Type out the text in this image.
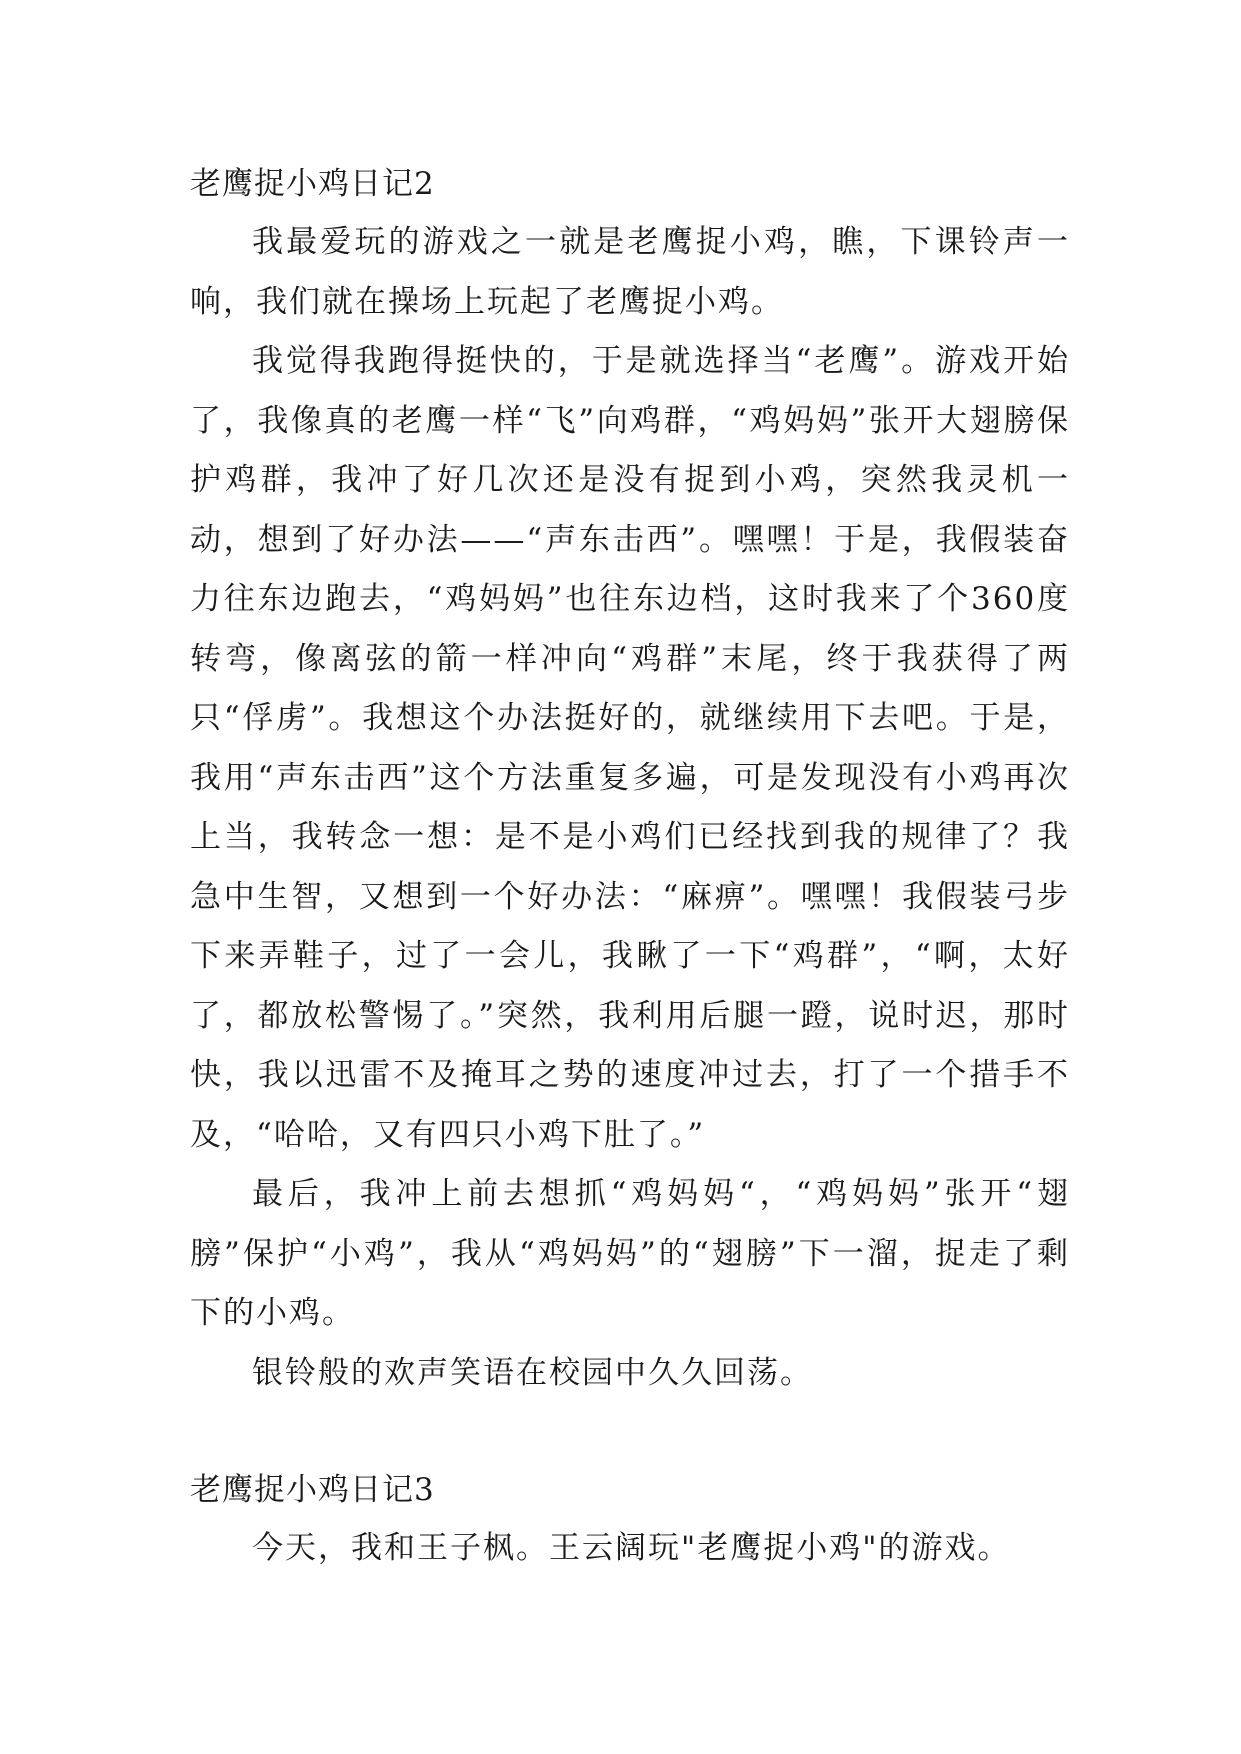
老鹰捉小鸡日记2

我最爱玩的游戏之一就是老鹰捉小鸡，瞧，下课铃声一响，我们就在操场上玩起了老鹰捉小鸡。

我觉得我跑得挺快的，于是就选择当“老鹰”。游戏开始了，我像真的老鹰一样“飞”向鸡群，“鸡妈妈”张开大翅膀保护鸡群，我冲了好几次还是没有捉到小鸡，突然我灵机一动，想到了好办法——“声东击西”。嘿嘿！于是，我假装奋力往东边跑去，“鸡妈妈”也往东边档，这时我来了个360度转弯，像离弦的箭一样冲向“鸡群”末尾，终于我获得了两只“俘虏”。我想这个办法挺好的，就继续用下去吧。于是，我用“声东击西”这个方法重复多遍，可是发现没有小鸡再次上当，我转念一想：是不是小鸡们已经找到我的规律了？我急中生智，又想到一个好办法：“麻痹”。嘿嘿！我假装弓步下来弄鞋子，过了一会儿，我瞅了一下“鸡群”，“啊，太好了，都放松警惕了。”突然，我利用后腿一蹬，说时迟，那时快，我以迅雷不及掩耳之势的速度冲过去，打了一个措手不及，“哈哈，又有四只小鸡下肚了。”

最后，我冲上前去想抓“鸡妈妈“，“鸡妈妈”张开“翅膀”保护“小鸡”，我从“鸡妈妈”的“翅膀”下一溜，捉走了剩下的小鸡。

银铃般的欢声笑语在校园中久久回荡。

老鹰捉小鸡日记3

今天，我和王子枫。王云阔玩"老鹰捉小鸡"的游戏。
